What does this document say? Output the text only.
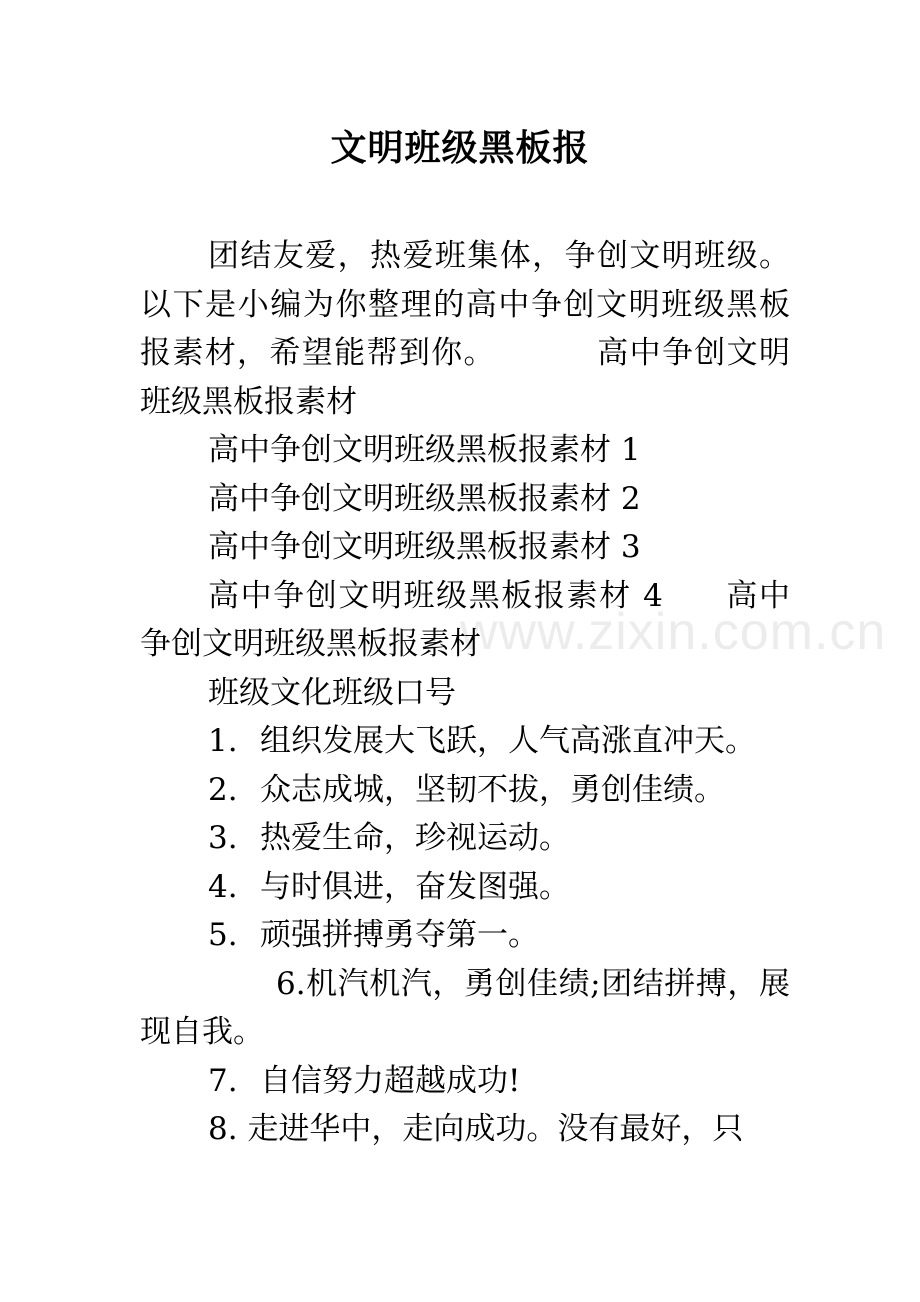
www.zixin.com.cn
文明班级黑板报

团结友爱，热爱班集体，争创文明班级。以下是小编为你整理的高中争创文明班级黑板报素材，希望能帮到你。	高中争创文明班级黑板报素材

高中争创文明班级黑板报素材 1

高中争创文明班级黑板报素材 2

高中争创文明班级黑板报素材 3

高中争创文明班级黑板报素材 4 高中争创文明班级黑板报素材

班级文化班级口号

1. 组织发展大飞跃，人气高涨直冲天。

2. 众志成城，坚韧不拔，勇创佳绩。

3. 热爱生命，珍视运动。

4. 与时俱进，奋发图强。

5. 顽强拼搏勇夺第一。

6.机汽机汽，勇创佳绩;团结拼搏，展现自我。

7. 自信努力超越成功!

8. 走进华中，走向成功。没有最好，只
